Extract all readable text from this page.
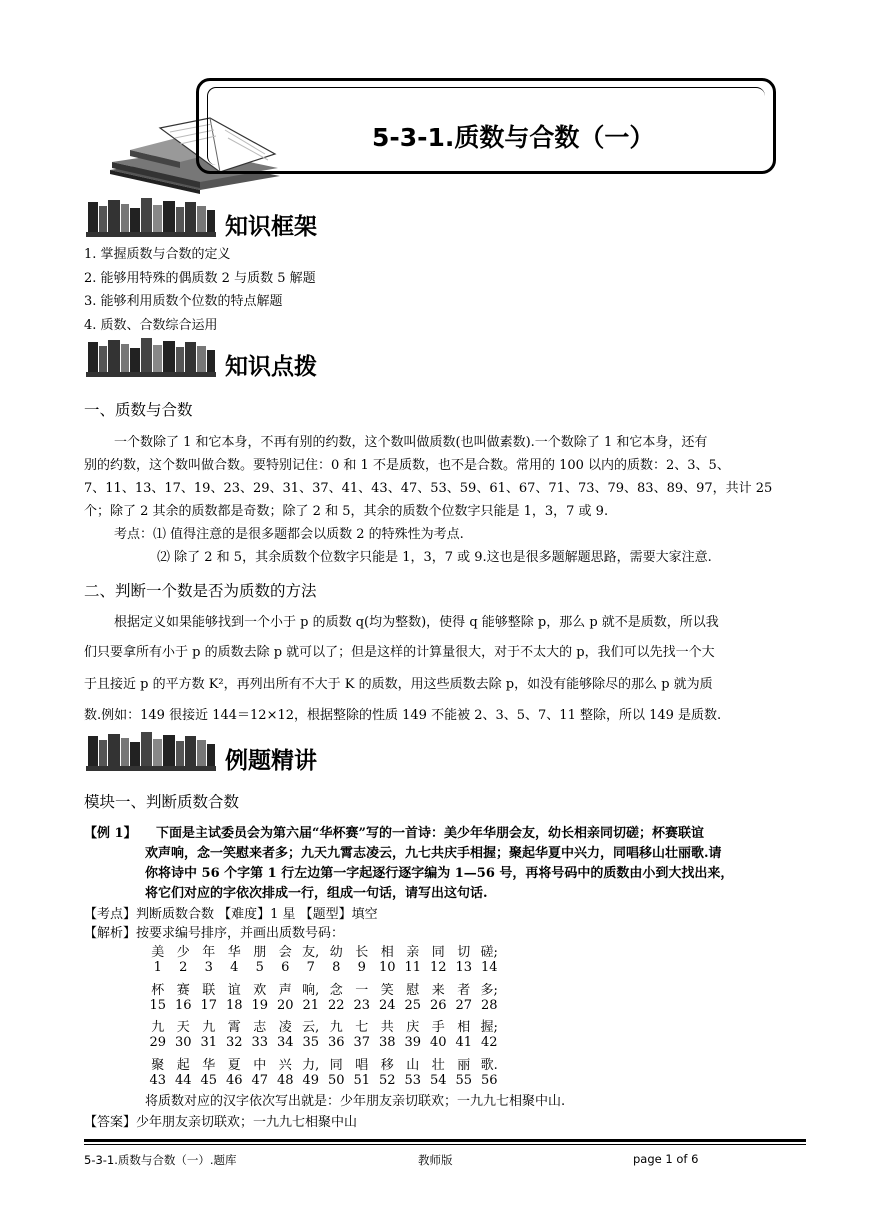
5-3-1.质数与合数（一）
知识框架
1. 掌握质数与合数的定义
2. 能够用特殊的偶质数 2 与质数 5 解题
3. 能够利用质数个位数的特点解题
4. 质数、合数综合运用
知识点拨
一、质数与合数
一个数除了 1 和它本身，不再有别的约数，这个数叫做质数(也叫做素数).一个数除了 1 和它本身，还有
别的约数，这个数叫做合数。要特别记住：0 和 1 不是质数，也不是合数。常用的 100 以内的质数：2、3、5、
7、11、13、17、19、23、29、31、37、41、43、47、53、59、61、67、71、73、79、83、89、97，共计 25
个；除了 2 其余的质数都是奇数；除了 2 和 5，其余的质数个位数字只能是 1，3，7 或 9.
考点：⑴ 值得注意的是很多题都会以质数 2 的特殊性为考点.
⑵ 除了 2 和 5，其余质数个位数字只能是 1，3，7 或 9.这也是很多题解题思路，需要大家注意.
二、判断一个数是否为质数的方法
根据定义如果能够找到一个小于 p 的质数 q(均为整数)，使得 q 能够整除 p，那么 p 就不是质数，所以我
们只要拿所有小于 p 的质数去除 p 就可以了；但是这样的计算量很大，对于不太大的 p，我们可以先找一个大
于且接近 p 的平方数 K²，再列出所有不大于 K 的质数，用这些质数去除 p，如没有能够除尽的那么 p 就为质
数.例如：149 很接近 144＝12×12，根据整除的性质 149 不能被 2、3、5、7、11 整除，所以 149 是质数.
例题精讲
模块一、判断质数合数
【例 1】 下面是主试委员会为第六届“华杯赛”写的一首诗：美少年华朋会友，幼长相亲同切磋；杯赛联谊
欢声响，念一笑慰来者多；九天九霄志凌云，九七共庆手相握；聚起华夏中兴力，同唱移山壮丽歌.请
你将诗中 56 个字第 1 行左边第一字起逐行逐字编为 1—56 号，再将号码中的质数由小到大找出来，
将它们对应的字依次排成一行，组成一句话，请写出这句话.
【考点】判断质数合数 【难度】1 星 【题型】填空
【解析】按要求编号排序，并画出质数号码：
美 少 年 华 朋 会 友, 幼 长 相 亲 同 切 磋;
1 2 3 4 5 6 7 8 9 10 11 12 13 14
杯 赛 联 谊 欢 声 响, 念 一 笑 慰 来 者 多;
15 16 17 18 19 20 21 22 23 24 25 26 27 28
九 天 九 霄 志 凌 云, 九 七 共 庆 手 相 握;
29 30 31 32 33 34 35 36 37 38 39 40 41 42
聚 起 华 夏 中 兴 力, 同 唱 移 山 壮 丽 歌.
43 44 45 46 47 48 49 50 51 52 53 54 55 56
将质数对应的汉字依次写出就是：少年朋友亲切联欢；一九九七相聚中山.
【答案】少年朋友亲切联欢；一九九七相聚中山
5-3-1.质数与合数（一）.题库	教师版	page 1 of 6
